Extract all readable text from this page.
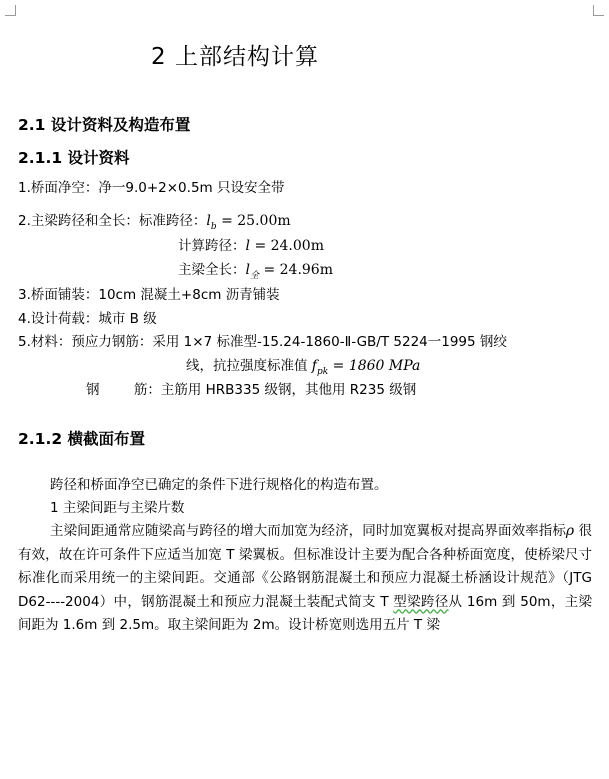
2 上部结构计算
2.1 设计资料及构造布置
2.1.1 设计资料
1.桥面净空：净一9.0+2×0.5m 只设安全带
2.主梁跨径和全长：标准跨径：$l_b = 25.00m$
计算跨径：l = 24.00m
主梁全长：$l_全 = 24.96m$
3.桥面铺装：10cm 混凝土+8cm 沥青铺装
4.设计荷载：城市 B 级
5.材料：预应力钢筋：采用 1×7 标准型-15.24-1860-Ⅱ-GB/T 5224一1995 钢绞
线，抗拉强度标准值 $f_{pk} = 1860$ MPa
钢        筋：主筋用 HRB335 级钢，其他用 R235 级钢
2.1.2 横截面布置
跨径和桥面净空已确定的条件下进行规格化的构造布置。
1 主梁间距与主梁片数
主梁间距通常应随梁高与跨径的增大而加宽为经济，同时加宽翼板对提高界面效率指标ρ 很有效，故在许可条件下应适当加宽 T 梁翼板。但标准设计主要为配合各种桥面宽度，使桥梁尺寸标准化而采用统一的主梁间距。交通部《公路钢筋混凝土和预应力混凝土桥涵设计规范》（JTG D62----2004）中，钢筋混凝土和预应力混凝土装配式简支 T 型梁跨径从 16m 到 50m，主梁间距为 1.6m 到 2.5m。取主梁间距为 2m。设计桥宽则选用五片 T 梁
